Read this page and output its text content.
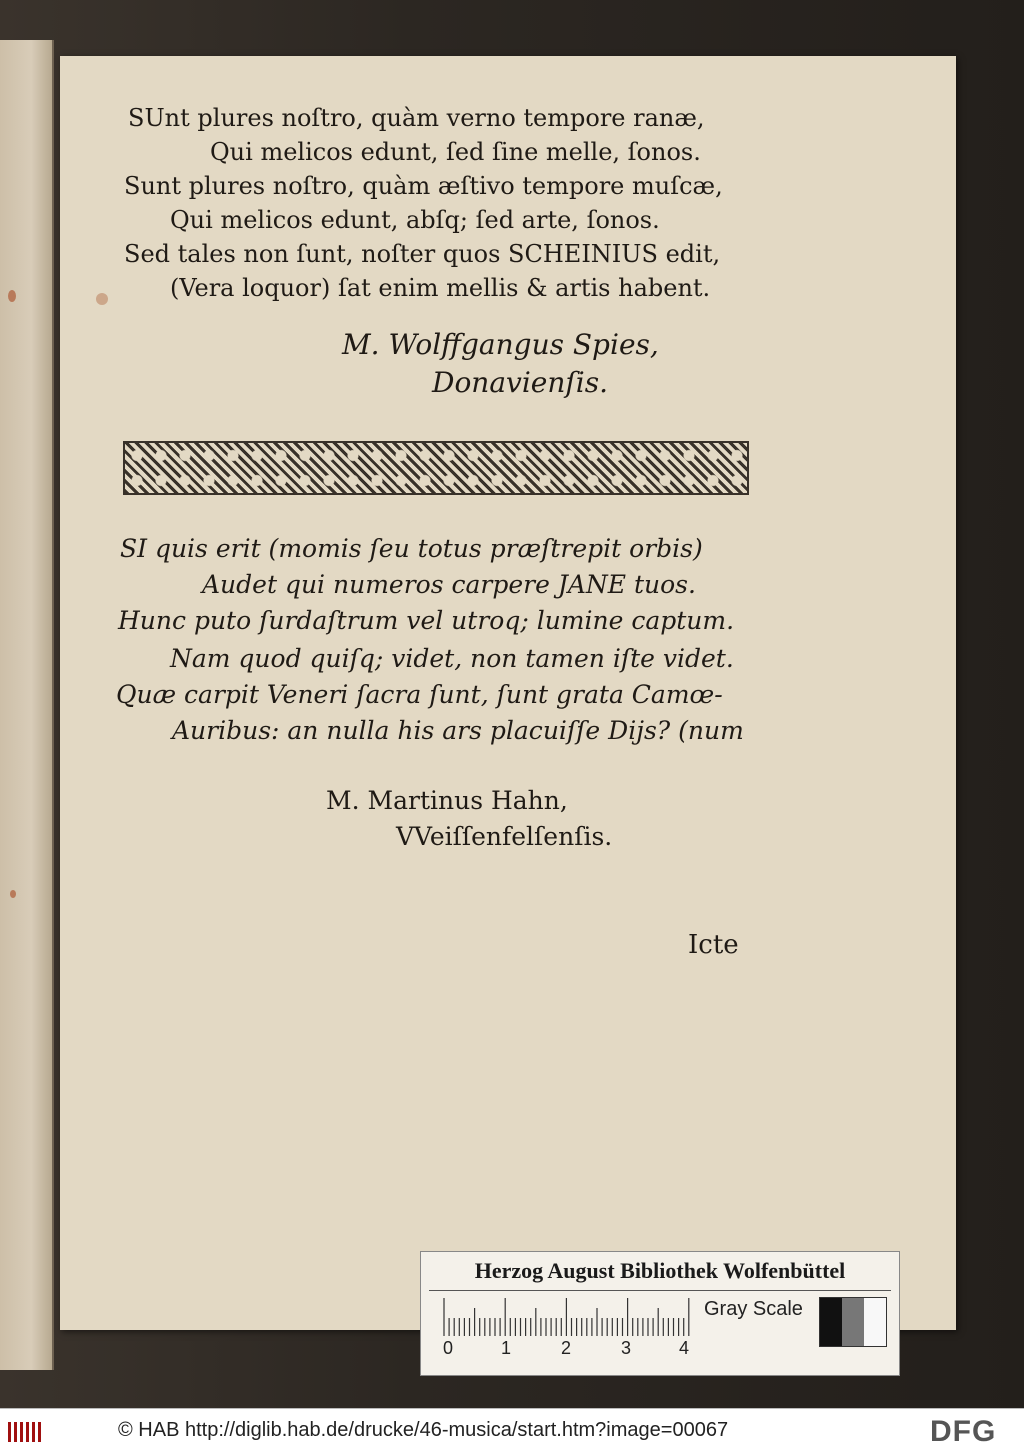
SUnt plures noſtro, quàm verno tempore ranæ,
Qui melicos edunt, ſed ſine melle, ſonos.
Sunt plures noſtro, quàm æſtivo tempore muſcæ,
Qui melicos edunt, abſq; ſed arte, ſonos.
Sed tales non ſunt, noſter quos SCHEINIUS edit,
(Vera loquor) ſat enim mellis & artis habent.
M. Wolffgangus Spies,
Donavienſis.
SI quis erit (momis ſeu totus præſtrepit orbis)
Audet qui numeros carpere JANE tuos.
Hunc puto ſurdaſtrum vel utroq; lumine captum.
Nam quod quiſq; videt, non tamen iſte videt.
Quæ carpit Veneri ſacra ſunt, ſunt grata Camœ-
Auribus: an nulla his ars placuiſſe Dijs? (num
M. Martinus Hahn,
VVeiſſenfelſenſis.
Icte
Herzog August Bibliothek Wolfenbüttel
0	1	2	3	4
Gray Scale
© HAB http://diglib.hab.de/drucke/46-musica/start.htm?image=00067	DFG
